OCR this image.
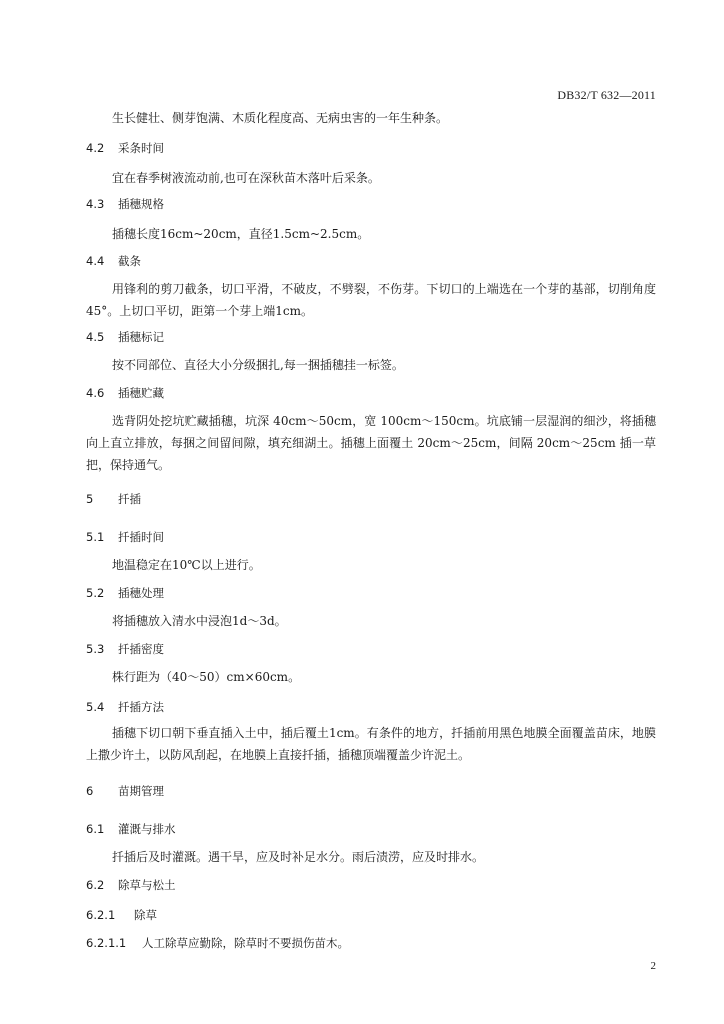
DB32/T 632—2011
生长健壮、侧芽饱满、木质化程度高、无病虫害的一年生种条。
4.2 采条时间
宜在春季树液流动前,也可在深秋苗木落叶后采条。
4.3 插穗规格
插穗长度16cm~20cm，直径1.5cm~2.5cm。
4.4 截条
用锋利的剪刀截条，切口平滑，不破皮，不劈裂，不伤芽。下切口的上端选在一个芽的基部，切削角度45°。上切口平切，距第一个芽上端1cm。
4.5 插穗标记
按不同部位、直径大小分级捆扎,每一捆插穗挂一标签。
4.6 插穗贮藏
选背阴处挖坑贮藏插穗，坑深 40cm～50cm，宽 100cm～150cm。坑底铺一层湿润的细沙，将插穗向上直立排放，每捆之间留间隙，填充细湖土。插穗上面覆土 20cm～25cm，间隔 20cm～25cm 插一草把，保持通气。
5 扦插
5.1 扦插时间
地温稳定在10℃以上进行。
5.2 插穗处理
将插穗放入清水中浸泡1d～3d。
5.3 扦插密度
株行距为（40～50）cm×60cm。
5.4 扦插方法
插穗下切口朝下垂直插入土中，插后覆土1cm。有条件的地方，扦插前用黑色地膜全面覆盖苗床，地膜上撒少许土，以防风刮起，在地膜上直接扦插，插穗顶端覆盖少许泥土。
6 苗期管理
6.1 灌溉与排水
扦插后及时灌溉。遇干旱，应及时补足水分。雨后渍涝，应及时排水。
6.2 除草与松土
6.2.1 除草
6.2.1.1 人工除草应勤除，除草时不要损伤苗木。
2
